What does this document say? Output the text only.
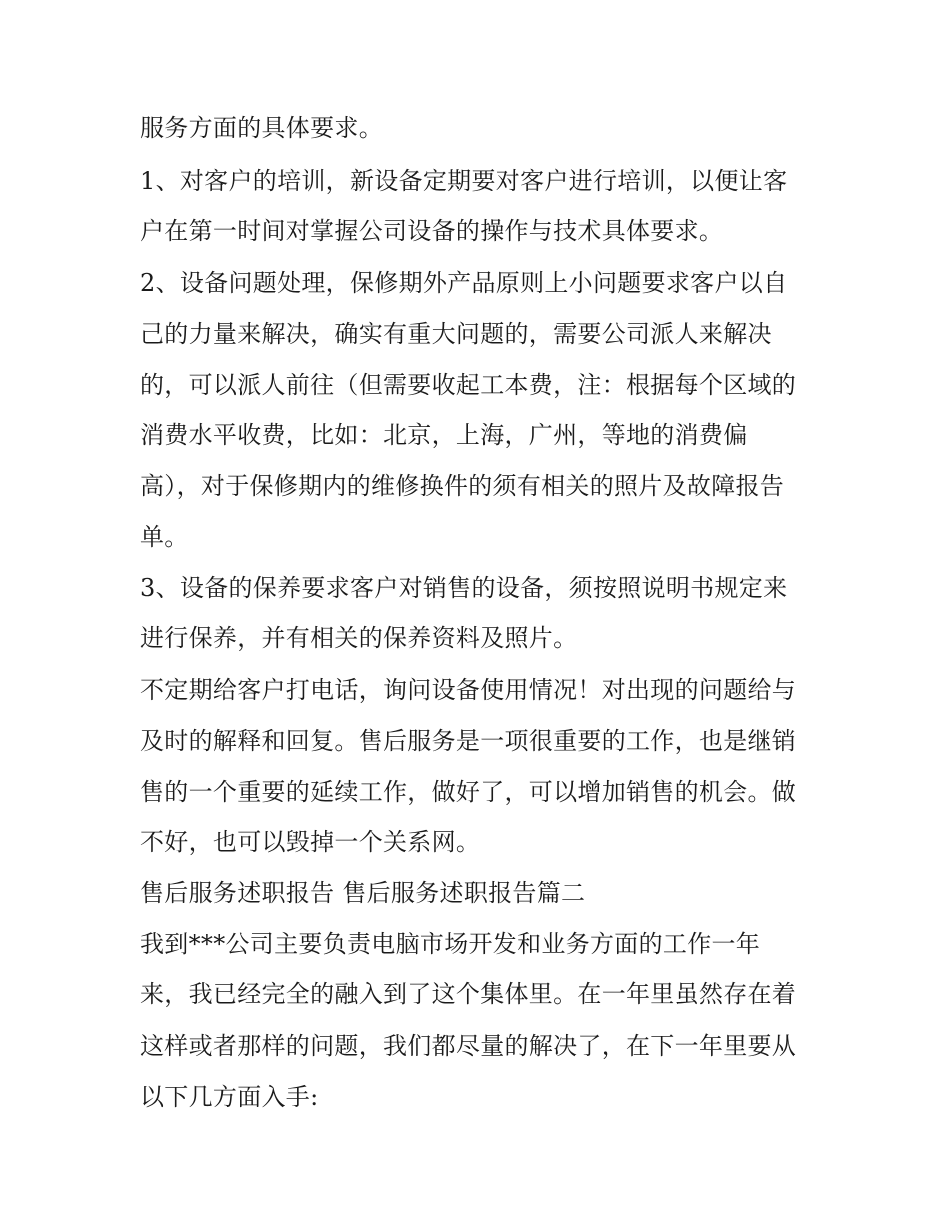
服务方面的具体要求。
1、对客户的培训，新设备定期要对客户进行培训，以便让客
户在第一时间对掌握公司设备的操作与技术具体要求。
2、设备问题处理，保修期外产品原则上小问题要求客户以自
己的力量来解决，确实有重大问题的，需要公司派人来解决
的，可以派人前往（但需要收起工本费，注：根据每个区域的
消费水平收费，比如：北京，上海，广州，等地的消费偏
高），对于保修期内的维修换件的须有相关的照片及故障报告
单。
3、设备的保养要求客户对销售的设备，须按照说明书规定来
进行保养，并有相关的保养资料及照片。
不定期给客户打电话，询问设备使用情况！对出现的问题给与
及时的解释和回复。售后服务是一项很重要的工作，也是继销
售的一个重要的延续工作，做好了，可以增加销售的机会。做
不好，也可以毁掉一个关系网。
售后服务述职报告 售后服务述职报告篇二
我到***公司主要负责电脑市场开发和业务方面的工作一年
来，我已经完全的融入到了这个集体里。在一年里虽然存在着
这样或者那样的问题，我们都尽量的解决了，在下一年里要从
以下几方面入手:
